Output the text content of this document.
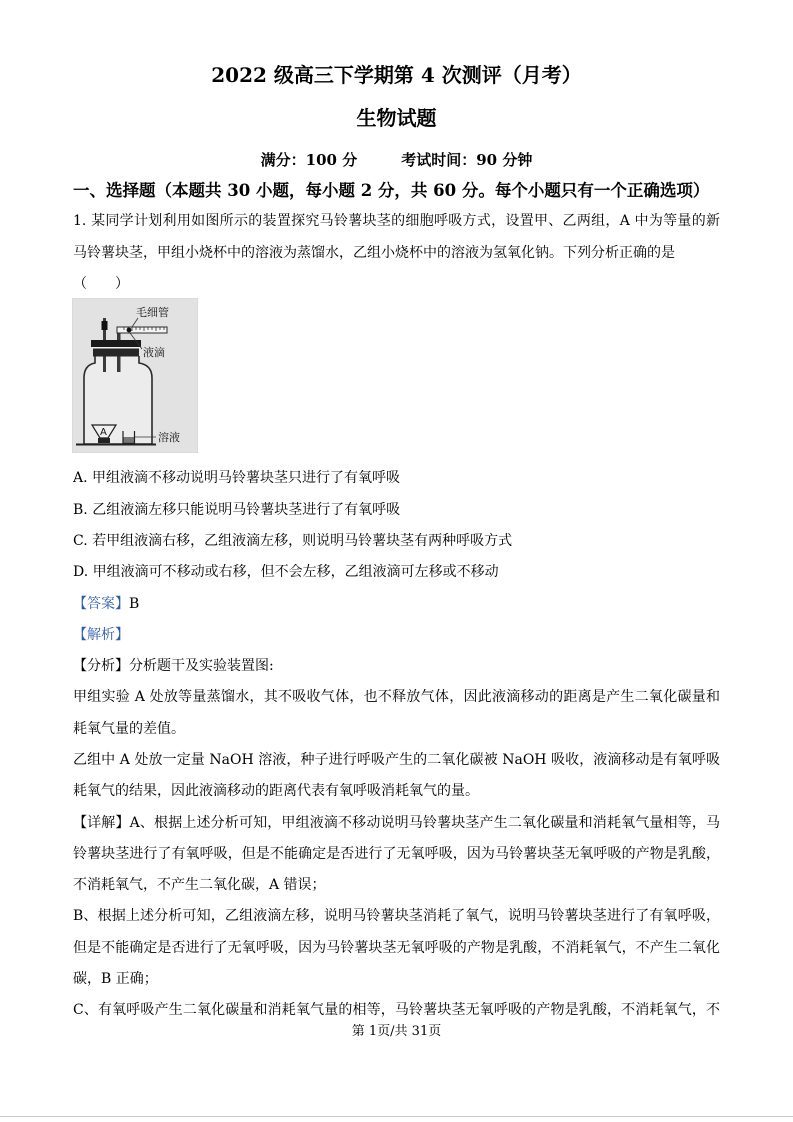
2022 级高三下学期第 4 次测评（月考）
生物试题
满分：100 分	考试时间：90 分钟
一、选择题（本题共 30 小题，每小题 2 分，共 60 分。每个小题只有一个正确选项）
1. 某同学计划利用如图所示的装置探究马铃薯块茎的细胞呼吸方式，设置甲、乙两组，A 中为等量的新
马铃薯块茎，甲组小烧杯中的溶液为蒸馏水，乙组小烧杯中的溶液为氢氧化钠。下列分析正确的是
（　　）
毛细管
液滴
A	溶液
A. 甲组液滴不移动说明马铃薯块茎只进行了有氧呼吸
B. 乙组液滴左移只能说明马铃薯块茎进行了有氧呼吸
C. 若甲组液滴右移，乙组液滴左移，则说明马铃薯块茎有两种呼吸方式
D. 甲组液滴可不移动或右移，但不会左移，乙组液滴可左移或不移动
【答案】B
【解析】
【分析】分析题干及实验装置图:
甲组实验 A 处放等量蒸馏水，其不吸收气体，也不释放气体，因此液滴移动的距离是产生二氧化碳量和
耗氧气量的差值。
乙组中 A 处放一定量 NaOH 溶液，种子进行呼吸产生的二氧化碳被 NaOH 吸收，液滴移动是有氧呼吸
耗氧气的结果，因此液滴移动的距离代表有氧呼吸消耗氧气的量。
【详解】A、根据上述分析可知，甲组液滴不移动说明马铃薯块茎产生二氧化碳量和消耗氧气量相等，马
铃薯块茎进行了有氧呼吸，但是不能确定是否进行了无氧呼吸，因为马铃薯块茎无氧呼吸的产物是乳酸，
不消耗氧气，不产生二氧化碳，A 错误；
B、根据上述分析可知，乙组液滴左移，说明马铃薯块茎消耗了氧气，说明马铃薯块茎进行了有氧呼吸，
但是不能确定是否进行了无氧呼吸，因为马铃薯块茎无氧呼吸的产物是乳酸，不消耗氧气，不产生二氧化
碳，B 正确；
C、有氧呼吸产生二氧化碳量和消耗氧气量的相等，马铃薯块茎无氧呼吸的产物是乳酸，不消耗氧气，不
第 1页/共 31页
